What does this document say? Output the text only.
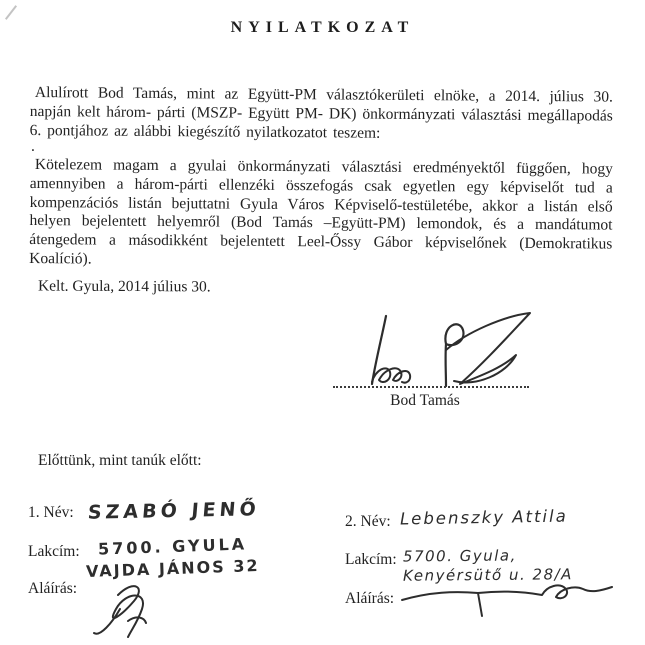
NYILATKOZAT
Alulírott Bod Tamás, mint az Együtt-PM választókerületi elnöke, a 2014. július 30. napján kelt három- párti (MSZP- Együtt PM- DK) önkormányzati választási megállapodás 6. pontjához az alábbi kiegészítő nyilatkozatot teszem:
.
Kötelezem magam a gyulai önkormányzati választási eredményektől függően, hogy amennyiben a három-párti ellenzéki összefogás csak egyetlen egy képviselőt tud a kompenzációs listán bejuttatni Gyula Város Képviselő-testületébe, akkor a listán első helyen bejelentett helyemről (Bod Tamás –Együtt-PM) lemondok, és a mandátumot átengedem a másodikként bejelentett Leel-Őssy Gábor képviselőnek (Demokratikus Koalíció).
Kelt. Gyula, 2014 július 30.
Bod Tamás
Előttünk, mint tanúk előtt:
1. Név: SZABÓ JENŐ
Lakcím: 5700. GYULA
VAJDA JÁNOS 32
Aláírás:
2. Név: Lebenszky Attila
Lakcím: 5700. Gyula,
Kenyérsütő u. 28/A
Aláírás:
